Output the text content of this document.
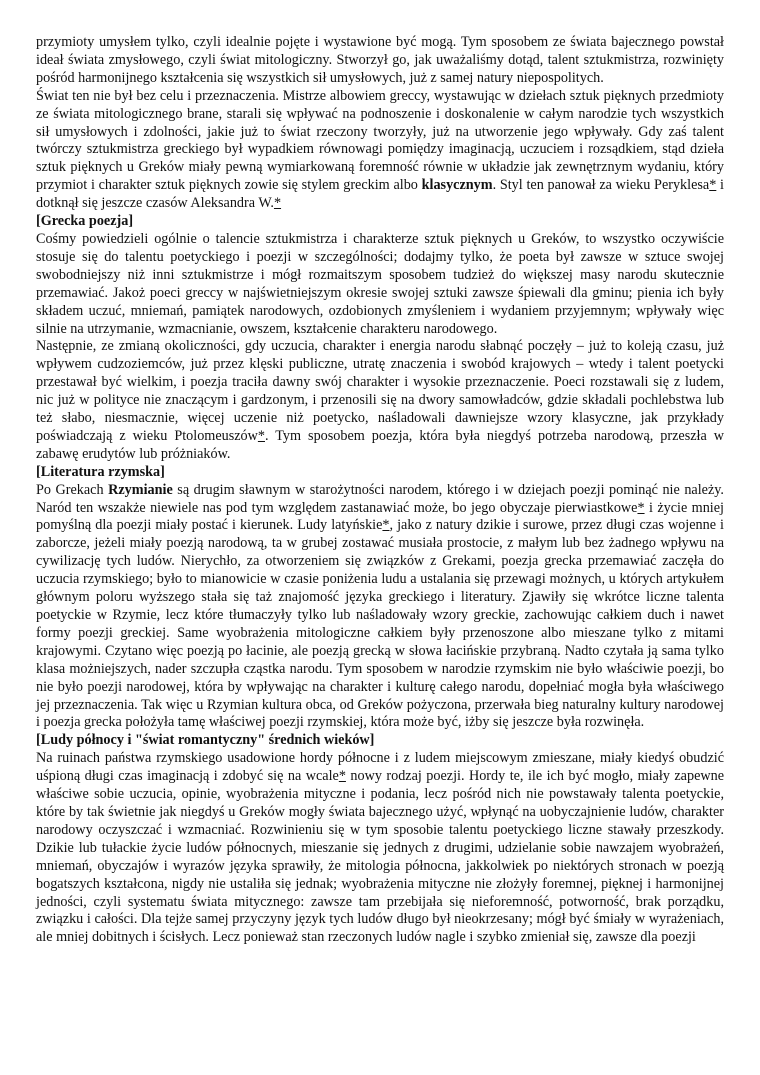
przymioty umysłem tylko, czyli idealnie pojęte i wystawione być mogą. Tym sposobem ze świata bajecznego powstał ideał świata zmysłowego, czyli świat mitologiczny. Stworzył go, jak uważaliśmy dotąd, talent sztukmistrza, rozwinięty pośród harmonijnego kształcenia się wszystkich sił umysłowych, już z samej natury niepospolitych.

Świat ten nie był bez celu i przeznaczenia. Mistrze albowiem greccy, wystawując w dziełach sztuk pięknych przedmioty ze świata mitologicznego brane, starali się wpływać na podnoszenie i doskonalenie w całym narodzie tych wszystkich sił umysłowych i zdolności, jakie już to świat rzeczony tworzyły, już na utworzenie jego wpływały. Gdy zaś talent twórczy sztukmistrza greckiego był wypadkiem równowagi pomiędzy imaginacją, uczuciem i rozsądkiem, stąd dzieła sztuk pięknych u Greków miały pewną wymiarkowaną foremność równie w układzie jak zewnętrznym wydaniu, który przymiot i charakter sztuk pięknych zowie się stylem greckim albo klasycznym. Styl ten panował za wieku Peryklesa* i dotknął się jeszcze czasów Aleksandra W.*

[Grecka poezja]

Cośmy powiedzieli ogólnie o talencie sztukmistrza i charakterze sztuk pięknych u Greków, to wszystko oczywiście stosuje się do talentu poetyckiego i poezji w szczególności; dodajmy tylko, że poeta był zawsze w sztuce swojej swobodniejszy niż inni sztukmistrze i mógł rozmaitszym sposobem tudzież do większej masy narodu skutecznie przemawiać. Jakoż poeci greccy w najświetniejszym okresie swojej sztuki zawsze śpiewali dla gminu; pienia ich były składem uczuć, mniemań, pamiątek narodowych, ozdobionych zmyśleniem i wydaniem przyjemnym; wpływały więc silnie na utrzymanie, wzmacnianie, owszem, kształcenie charakteru narodowego.

Następnie, ze zmianą okoliczności, gdy uczucia, charakter i energia narodu słabnąć poczęły – już to koleją czasu, już wpływem cudzoziemców, już przez klęski publiczne, utratę znaczenia i swobód krajowych – wtedy i talent poetycki przestawał być wielkim, i poezja traciła dawny swój charakter i wysokie przeznaczenie. Poeci rozstawali się z ludem, nic już w polityce nie znaczącym i gardzonym, i przenosili się na dwory samowładców, gdzie składali pochlebstwa lub też słabo, niesmacznie, więcej uczenie niż poetycko, naśladowali dawniejsze wzory klasyczne, jak przykłady poświadczają z wieku Ptolomeuszów*. Tym sposobem poezja, która była niegdyś potrzeba narodową, przeszła w zabawę erudytów lub próżniaków.

[Literatura rzymska]

Po Grekach Rzymianie są drugim sławnym w starożytności narodem, którego i w dziejach poezji pominąć nie należy. Naród ten wszakże niewiele nas pod tym względem zastanawiać może, bo jego obyczaje pierwiastkowe* i życie mniej pomyślną dla poezji miały postać i kierunek. Ludy latyńskie*, jako z natury dzikie i surowe, przez długi czas wojenne i zaborcze, jeżeli miały poezją narodową, ta w grubej zostawać musiała prostocie, z małym lub bez żadnego wpływu na cywilizację tych ludów. Nierychło, za otworzeniem się związków z Grekami, poezja grecka przemawiać zaczęła do uczucia rzymskiego; było to mianowicie w czasie poniżenia ludu a ustalania się przewagi możnych, u których artykułem głównym poloru wyższego stała się taż znajomość języka greckiego i literatury. Zjawiły się wkrótce liczne talenta poetyckie w Rzymie, lecz które tłumaczyły tylko lub naśladowały wzory greckie, zachowując całkiem duch i nawet formy poezji greckiej. Same wyobrażenia mitologiczne całkiem były przenoszone albo mieszane tylko z mitami krajowymi. Czytano więc poezją po łacinie, ale poezją grecką w słowa łacińskie przybraną. Nadto czytała ją sama tylko klasa możniejszych, nader szczupła cząstka narodu. Tym sposobem w narodzie rzymskim nie było właściwie poezji, bo nie było poezji narodowej, która by wpływając na charakter i kulturę całego narodu, dopełniać mogła była właściwego jej przeznaczenia. Tak więc u Rzymian kultura obca, od Greków pożyczona, przerwała bieg naturalny kultury narodowej i poezja grecka położyła tamę właściwej poezji rzymskiej, która może być, iżby się jeszcze była rozwinęła.

[Ludy północy i "świat romantyczny" średnich wieków]

Na ruinach państwa rzymskiego usadowione hordy północne i z ludem miejscowym zmieszane, miały kiedyś obudzić uśpioną długi czas imaginacją i zdobyć się na wcale* nowy rodzaj poezji. Hordy te, ile ich być mogło, miały zapewne właściwe sobie uczucia, opinie, wyobrażenia mityczne i podania, lecz pośród nich nie powstawały talenta poetyckie, które by tak świetnie jak niegdyś u Greków mogły świata bajecznego użyć, wpłynąć na uobyczajnienie ludów, charakter narodowy oczyszczać i wzmacniać. Rozwinieniu się w tym sposobie talentu poetyckiego liczne stawały przeszkody. Dzikie lub tułackie życie ludów północnych, mieszanie się jednych z drugimi, udzielanie sobie nawzajem wyobrażeń, mniemań, obyczajów i wyrazów języka sprawiły, że mitologia północna, jakkolwiek po niektórych stronach w poezją bogatszych kształcona, nigdy nie ustaliła się jednak; wyobrażenia mityczne nie złożyły foremnej, pięknej i harmonijnej jedności, czyli systematu świata mitycznego: zawsze tam przebijała się nieforemność, potworność, brak porządku, związku i całości. Dla tejże samej przyczyny język tych ludów długo był nieokrzesany; mógł być śmiały w wyrażeniach, ale mniej dobitnych i ścisłych. Lecz ponieważ stan rzeczonych ludów nagle i szybko zmieniał się, zawsze dla poezji
